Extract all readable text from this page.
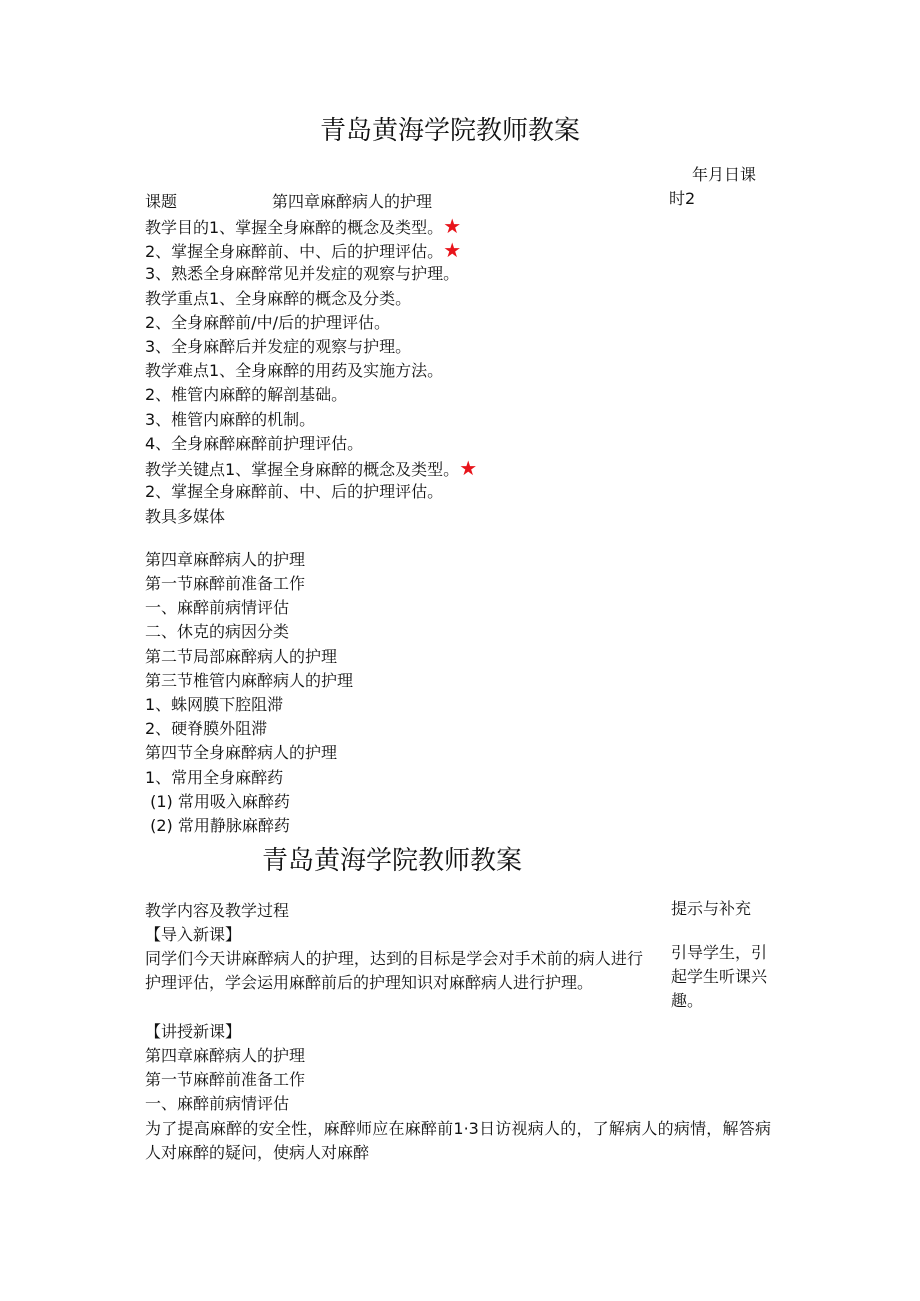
青岛黄海学院教师教案
年月日课
时2
课题	第四章麻醉病人的护理
教学目的1、掌握全身麻醉的概念及类型。★
2、掌握全身麻醉前、中、后的护理评估。★
3、熟悉全身麻醉常见并发症的观察与护理。
教学重点1、全身麻醉的概念及分类。
2、全身麻醉前/中/后的护理评估。
3、全身麻醉后并发症的观察与护理。
教学难点1、全身麻醉的用药及实施方法。
2、椎管内麻醉的解剖基础。
3、椎管内麻醉的机制。
4、全身麻醉麻醉前护理评估。
教学关键点1、掌握全身麻醉的概念及类型。★
2、掌握全身麻醉前、中、后的护理评估。
教具多媒体
第四章麻醉病人的护理
第一节麻醉前准备工作
一、麻醉前病情评估
二、休克的病因分类
第二节局部麻醉病人的护理
第三节椎管内麻醉病人的护理
1、蛛网膜下腔阻滞
2、硬脊膜外阻滞
第四节全身麻醉病人的护理
1、常用全身麻醉药
(1) 常用吸入麻醉药
(2) 常用静脉麻醉药
青岛黄海学院教师教案
教学内容及教学过程	提示与补充
【导入新课】
同学们今天讲麻醉病人的护理，达到的目标是学会对手术前的病人进行护理评估，学会运用麻醉前后的护理知识对麻醉病人进行护理。
引导学生，引起学生听课兴趣。
【讲授新课】
第四章麻醉病人的护理
第一节麻醉前准备工作
一、麻醉前病情评估
为了提高麻醉的安全性，麻醉师应在麻醉前1·3日访视病人的，了解病人的病情，解答病人对麻醉的疑问，使病人对麻醉
